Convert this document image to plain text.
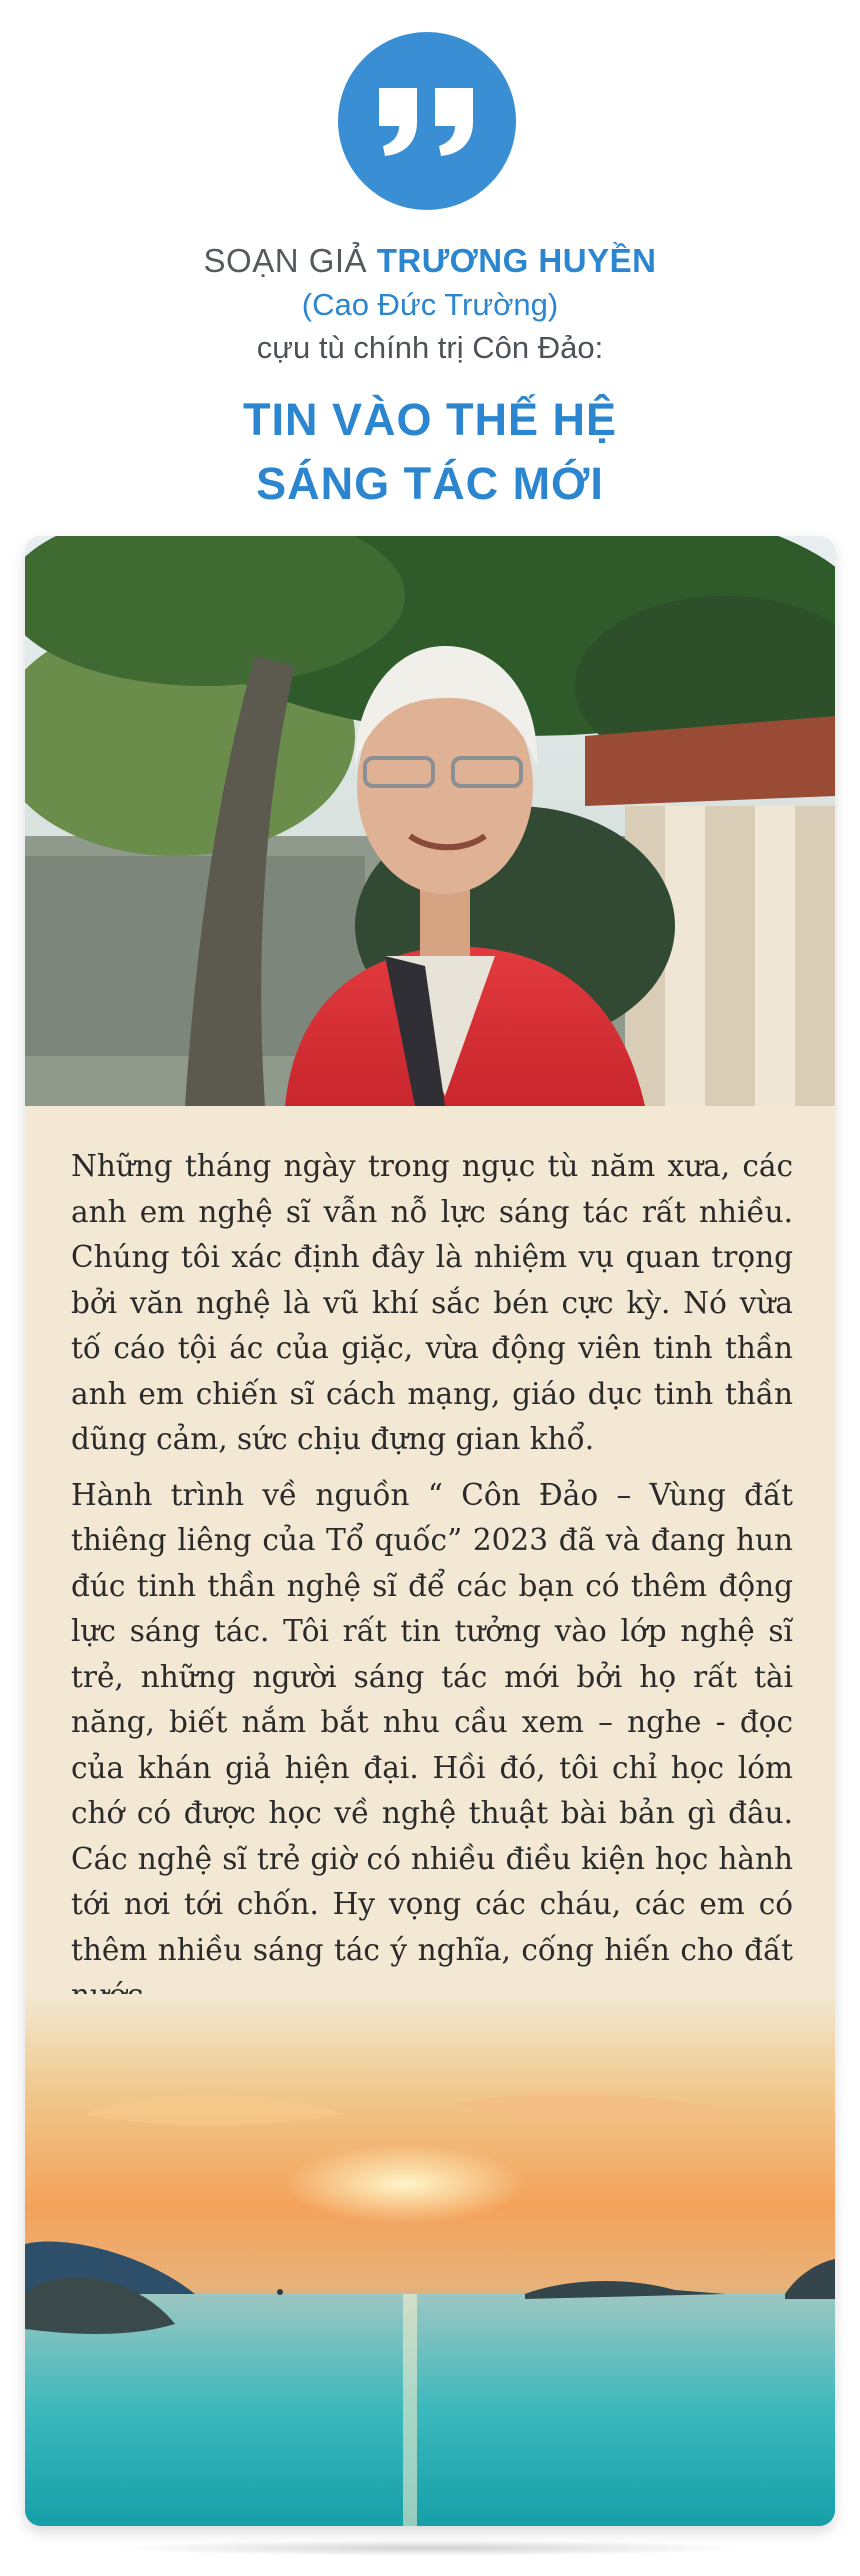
SOẠN GIẢ TRƯƠNG HUYỀN
(Cao Đức Trường)
cựu tù chính trị Côn Đảo:
TIN VÀO THẾ HỆ
SÁNG TÁC MỚI

Những tháng ngày trong ngục tù năm xưa, các anh em nghệ sĩ vẫn nỗ lực sáng tác rất nhiều. Chúng tôi xác định đây là nhiệm vụ quan trọng bởi văn nghệ là vũ khí sắc bén cực kỳ. Nó vừa tố cáo tội ác của giặc, vừa động viên tinh thần anh em chiến sĩ cách mạng, giáo dục tinh thần dũng cảm, sức chịu đựng gian khổ.

Hành trình về nguồn “ Côn Đảo – Vùng đất thiêng liêng của Tổ quốc” 2023 đã và đang hun đúc tinh thần nghệ sĩ để các bạn có thêm động lực sáng tác. Tôi rất tin tưởng vào lớp nghệ sĩ trẻ, những người sáng tác mới bởi họ rất tài năng, biết nắm bắt nhu cầu xem – nghe - đọc của khán giả hiện đại. Hồi đó, tôi chỉ học lóm chớ có được học về nghệ thuật bài bản gì đâu. Các nghệ sĩ trẻ giờ có nhiều điều kiện học hành tới nơi tới chốn. Hy vọng các cháu, các em có thêm nhiều sáng tác ý nghĩa, cống hiến cho đất
